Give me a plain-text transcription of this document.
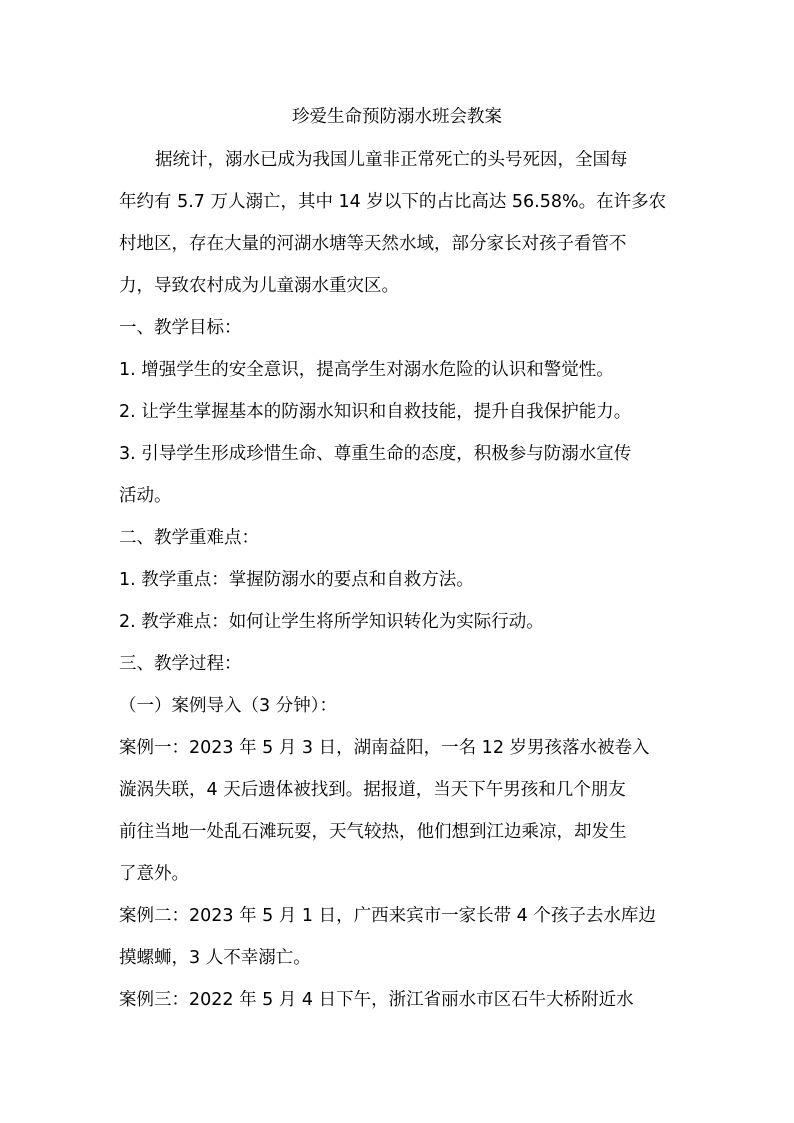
珍爱生命预防溺水班会教案
据统计，溺水已成为我国儿童非正常死亡的头号死因，全国每
年约有 5.7 万人溺亡，其中 14 岁以下的占比高达 56.58%。在许多农
村地区，存在大量的河湖水塘等天然水域，部分家长对孩子看管不
力，导致农村成为儿童溺水重灾区。
一、教学目标：
1. 增强学生的安全意识，提高学生对溺水危险的认识和警觉性。
2. 让学生掌握基本的防溺水知识和自救技能，提升自我保护能力。
3. 引导学生形成珍惜生命、尊重生命的态度，积极参与防溺水宣传
活动。
二、教学重难点：
1. 教学重点：掌握防溺水的要点和自救方法。
2. 教学难点：如何让学生将所学知识转化为实际行动。
三、教学过程：
（一）案例导入（3 分钟）：
案例一：2023 年 5 月 3 日，湖南益阳，一名 12 岁男孩落水被卷入
漩涡失联，4 天后遗体被找到。据报道，当天下午男孩和几个朋友
前往当地一处乱石滩玩耍，天气较热，他们想到江边乘凉，却发生
了意外。
案例二：2023 年 5 月 1 日，广西来宾市一家长带 4 个孩子去水库边
摸螺蛳，3 人不幸溺亡。
案例三：2022 年 5 月 4 日下午，浙江省丽水市区石牛大桥附近水
